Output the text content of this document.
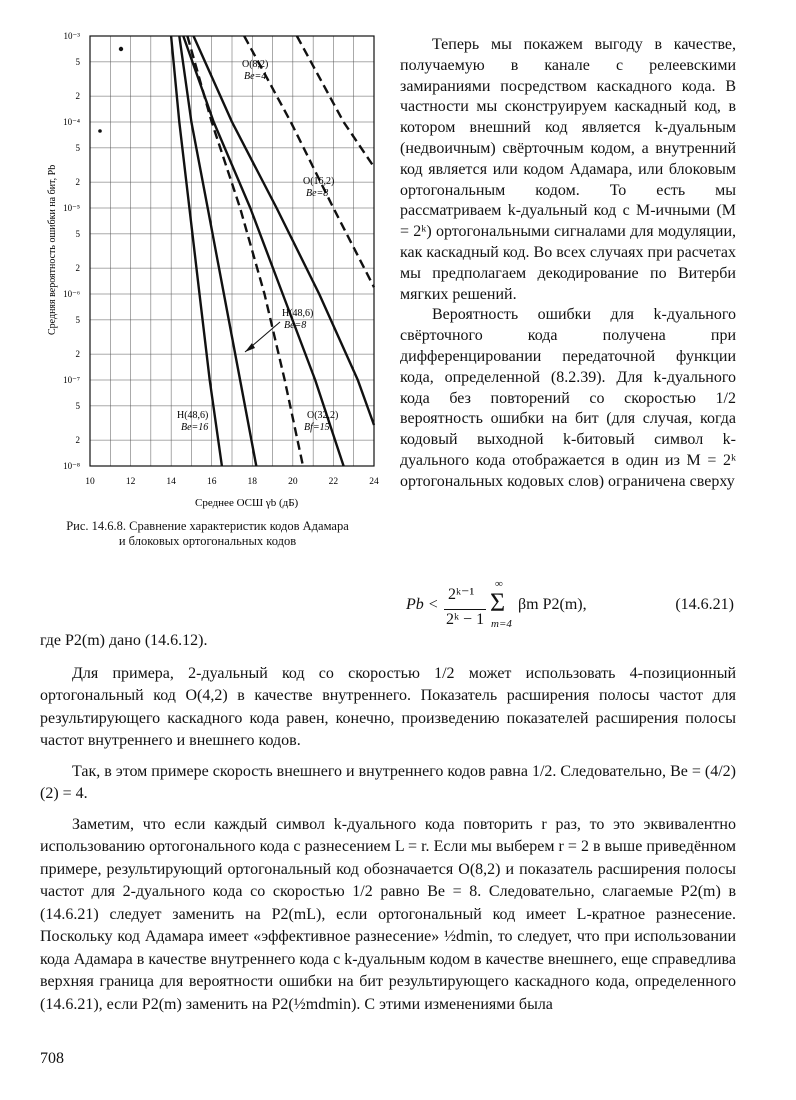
10⁻³
5
2
10⁻⁴
5
2
10⁻⁵
5
2
10⁻⁶
5
2
10⁻⁷
5
2
10⁻⁸
10	12	14	16	18	20	22	24
Среднее ОСШ γb (дБ)
Средняя вероятность ошибки на бит, Pb
O(8,2)
Be=4
O(16,2)
Be=8
H(48,6)
Be=8
H(48,6)
Be=16
O(32,2)
Bf=15
Рис. 14.6.8. Сравнение характеристик кодов Адамара
и блоковых ортогональных кодов

Теперь мы покажем выгоду в качестве, получаемую в канале с релеевскими замираниями посредством каскадного кода. В частности мы сконструируем каскадный код, в котором внешний код является k-дуальным (недвоичным) свёрточным кодом, а внутренний код является или кодом Адамара, или блоковым ортогональным кодом. То есть мы рассматриваем k-дуальный код с M-ичными (M = 2ᵏ) ортогональными сигналами для модуляции, как каскадный код. Во всех случаях при расчетах мы предполагаем декодирование по Витерби мягких решений.

Вероятность ошибки для k-дуального свёрточного кода получена при дифференцировании передаточной функции кода, определенной (8.2.39). Для k-дуального кода без повторений со скоростью 1/2 вероятность ошибки на бит (для случая, когда кодовый выходной k-битовый символ k-дуального кода отображается в один из M = 2ᵏ ортогональных кодовых слов) ограничена сверху

Pb <
2ᵏ⁻¹
2ᵏ − 1
∞
Σ
m=4
βm P2(m),	(14.6.21)

где P2(m) дано (14.6.12).

Для примера, 2-дуальный код со скоростью 1/2 может использовать 4-позиционный ортогональный код O(4,2) в качестве внутреннего. Показатель расширения полосы частот для результирующего каскадного кода равен, конечно, произведению показателей расширения полосы частот внутреннего и внешнего кодов.

Так, в этом примере скорость внешнего и внутреннего кодов равна 1/2. Следовательно, Be = (4/2)(2) = 4.

Заметим, что если каждый символ k-дуального кода повторить r раз, то это эквивалентно использованию ортогонального кода с разнесением L = r. Если мы выберем r = 2 в выше приведённом примере, результирующий ортогональный код обозначается O(8,2) и показатель расширения полосы частот для 2-дуального кода со скоростью 1/2 равно Be = 8. Следовательно, слагаемые P2(m) в (14.6.21) следует заменить на P2(mL), если ортогональный код имеет L-кратное разнесение. Поскольку код Адамара имеет «эффективное разнесение» ½dmin, то следует, что при использовании кода Адамара в качестве внутреннего кода с k-дуальным кодом в качестве внешнего, еще справедлива верхняя граница для вероятности ошибки на бит результирующего каскадного кода, определенного (14.6.21), если P2(m) заменить на P2(½mdmin). С этими изменениями была

708
